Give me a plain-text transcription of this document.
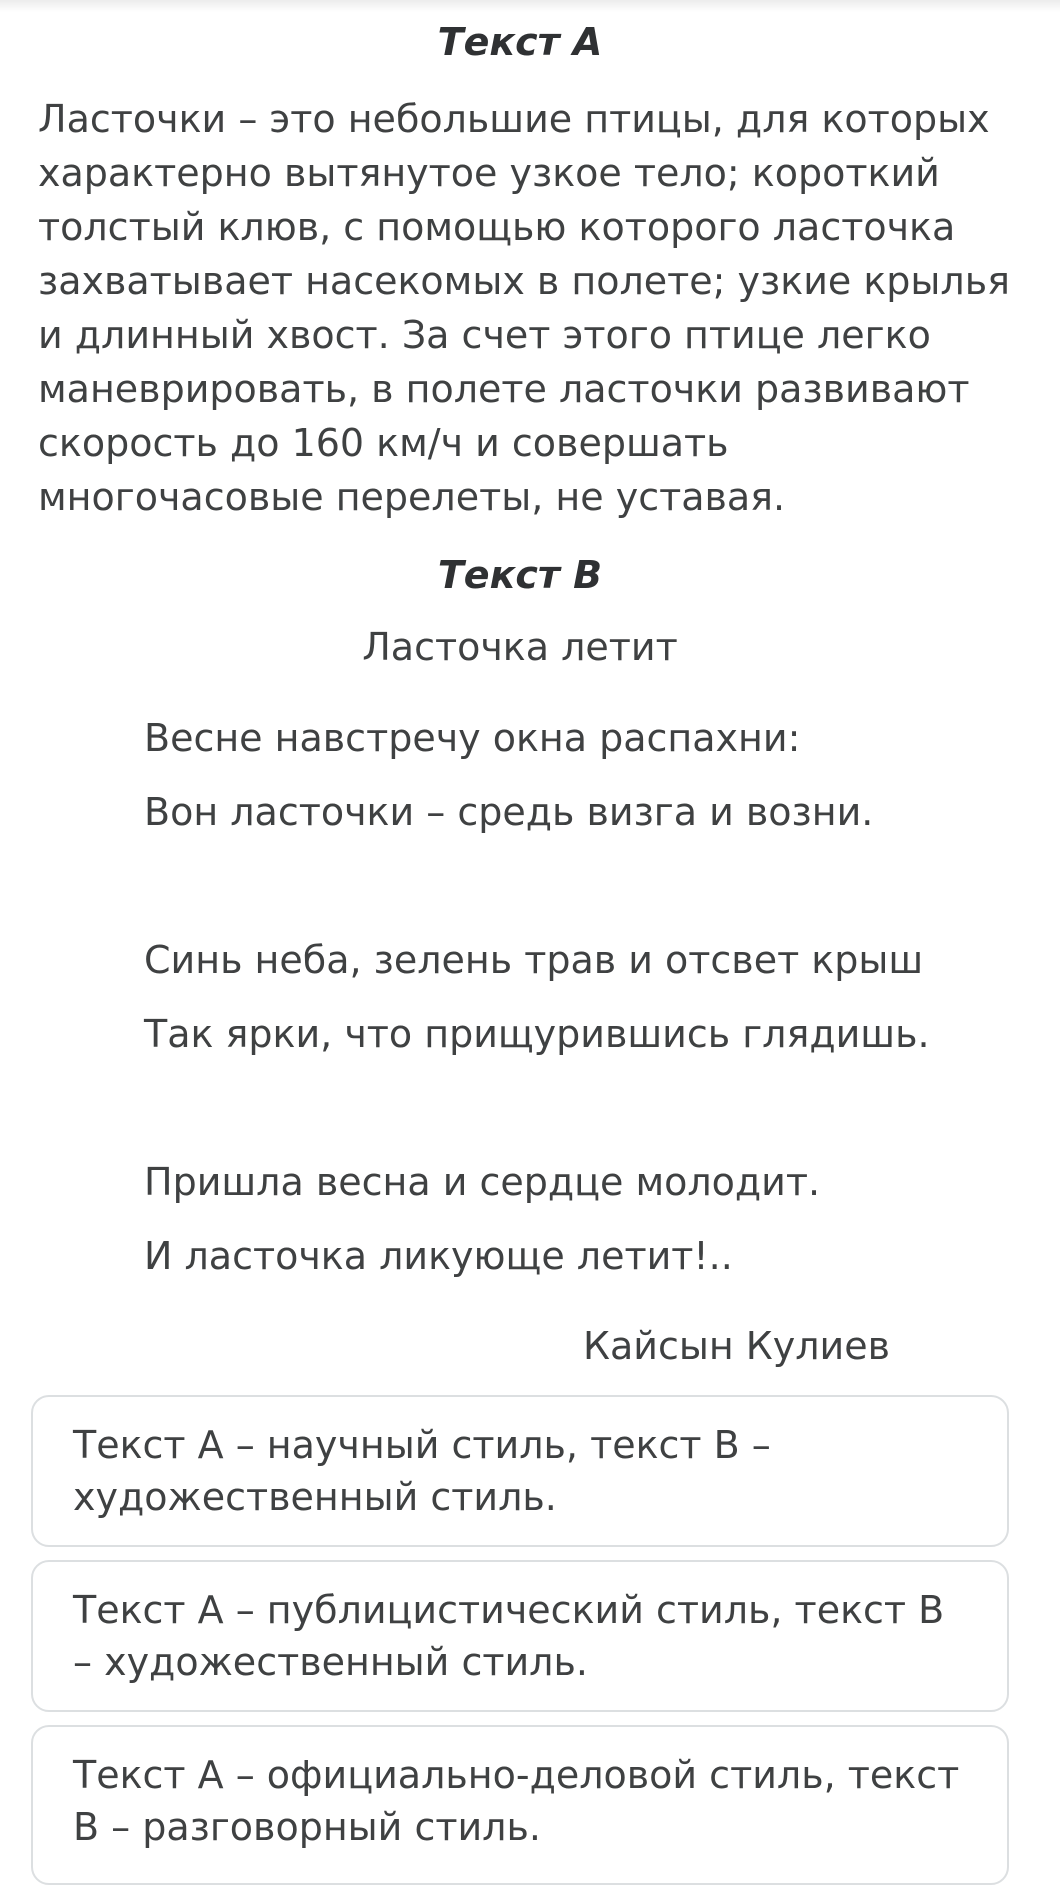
Текст А

Ласточки – это небольшие птицы, для которых характерно вытянутое узкое тело; короткий толстый клюв, с помощью которого ласточка захватывает насекомых в полете; узкие крылья и длинный хвост. За счет этого птице легко маневрировать, в полете ласточки развивают скорость до 160 км/ч и совершать многочасовые перелеты, не уставая.

Текст В

Ласточка летит

Весне навстречу окна распахни:

Вон ласточки – средь визга и возни.

Синь неба, зелень трав и отсвет крыш

Так ярки, что прищурившись глядишь.

Пришла весна и сердце молодит.

И ласточка ликующе летит!..

Кайсын Кулиев

Текст А – научный стиль, текст В – художественный стиль.
Текст А – публицистический стиль, текст В – художественный стиль.
Текст А – официально-деловой стиль, текст В – разговорный стиль.
